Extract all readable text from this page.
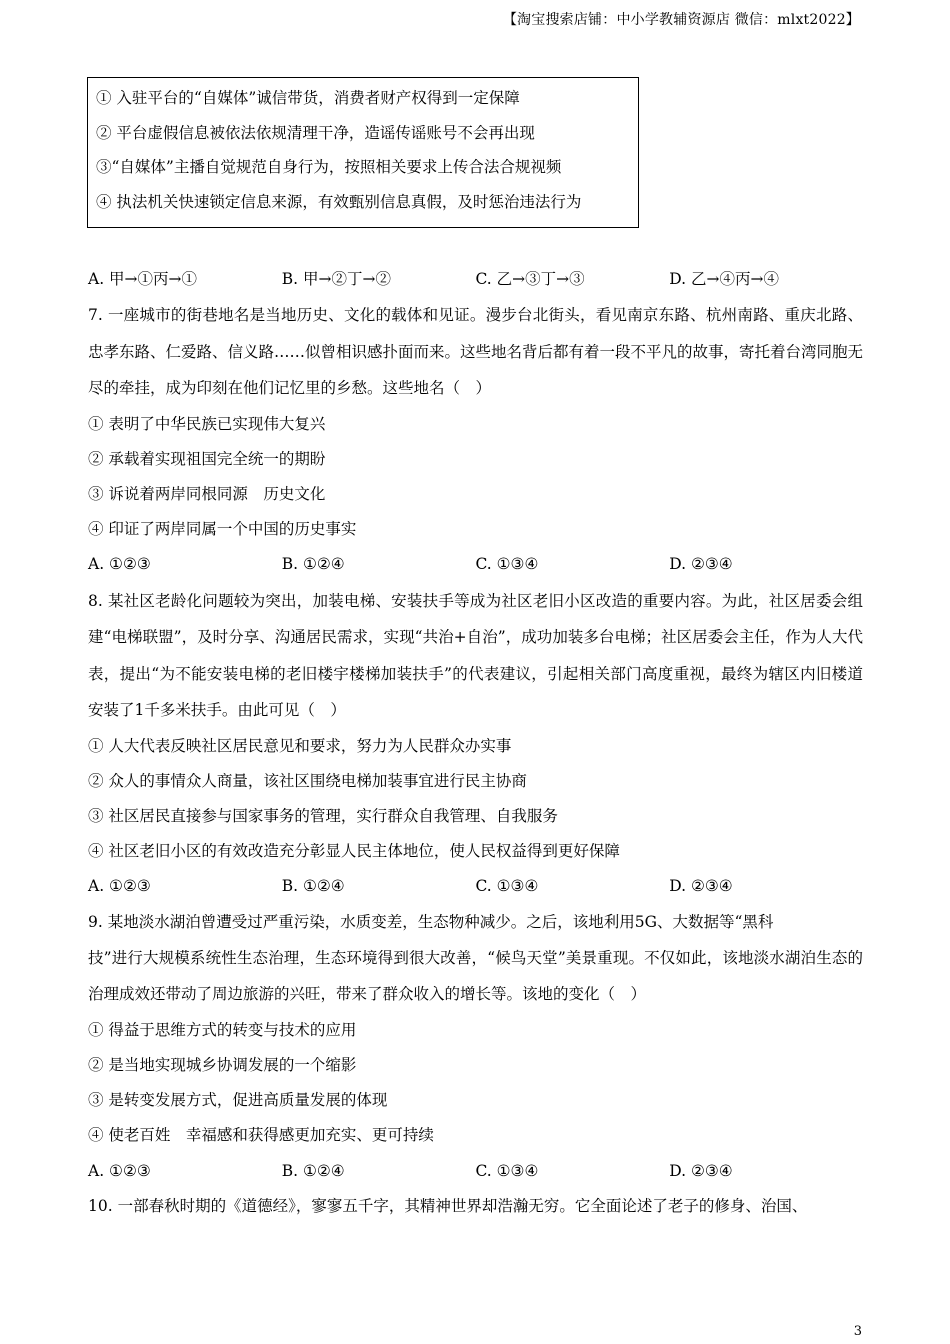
【淘宝搜索店铺：中小学教辅资源店 微信：mlxt2022】
① 入驻平台的“自媒体”诚信带货，消费者财产权得到一定保障
② 平台虚假信息被依法依规清理干净，造谣传谣账号不会再出现
③“自媒体”主播自觉规范自身行为，按照相关要求上传合法合规视频
④ 执法机关快速锁定信息来源，有效甄别信息真假，及时惩治违法行为
A. 甲→①丙→①	B. 甲→②丁→②	C. 乙→③丁→③	D. 乙→④丙→④
7. 一座城市的街巷地名是当地历史、文化的载体和见证。漫步台北街头，看见南京东路、杭州南路、重庆北路、忠孝东路、仁爱路、信义路……似曾相识感扑面而来。这些地名背后都有着一段不平凡的故事，寄托着台湾同胞无尽的牵挂，成为印刻在他们记忆里的乡愁。这些地名（　）
① 表明了中华民族已实现伟大复兴
② 承载着实现祖国完全统一的期盼
③ 诉说着两岸同根同源　历史文化
④ 印证了两岸同属一个中国的历史事实
A. ①②③	B. ①②④	C. ①③④	D. ②③④
8. 某社区老龄化问题较为突出，加装电梯、安装扶手等成为社区老旧小区改造的重要内容。为此，社区居委会组建“电梯联盟”，及时分享、沟通居民需求，实现“共治+自治”，成功加装多台电梯；社区居委会主任，作为人大代表，提出“为不能安装电梯的老旧楼宇楼梯加装扶手”的代表建议，引起相关部门高度重视，最终为辖区内旧楼道安装了1千多米扶手。由此可见（　）
① 人大代表反映社区居民意见和要求，努力为人民群众办实事
② 众人的事情众人商量，该社区围绕电梯加装事宜进行民主协商
③ 社区居民直接参与国家事务的管理，实行群众自我管理、自我服务
④ 社区老旧小区的有效改造充分彰显人民主体地位，使人民权益得到更好保障
A. ①②③	B. ①②④	C. ①③④	D. ②③④
9. 某地淡水湖泊曾遭受过严重污染，水质变差，生态物种减少。之后，该地利用5G、大数据等“黑科
技”进行大规模系统性生态治理，生态环境得到很大改善，“候鸟天堂”美景重现。不仅如此，该地淡水湖泊生态的治理成效还带动了周边旅游的兴旺，带来了群众收入的增长等。该地的变化（　）
① 得益于思维方式的转变与技术的应用
② 是当地实现城乡协调发展的一个缩影
③ 是转变发展方式，促进高质量发展的体现
④ 使老百姓　幸福感和获得感更加充实、更可持续
A. ①②③	B. ①②④	C. ①③④	D. ②③④
10. 一部春秋时期的《道德经》，寥寥五千字，其精神世界却浩瀚无穷。它全面论述了老子的修身、治国、
3
